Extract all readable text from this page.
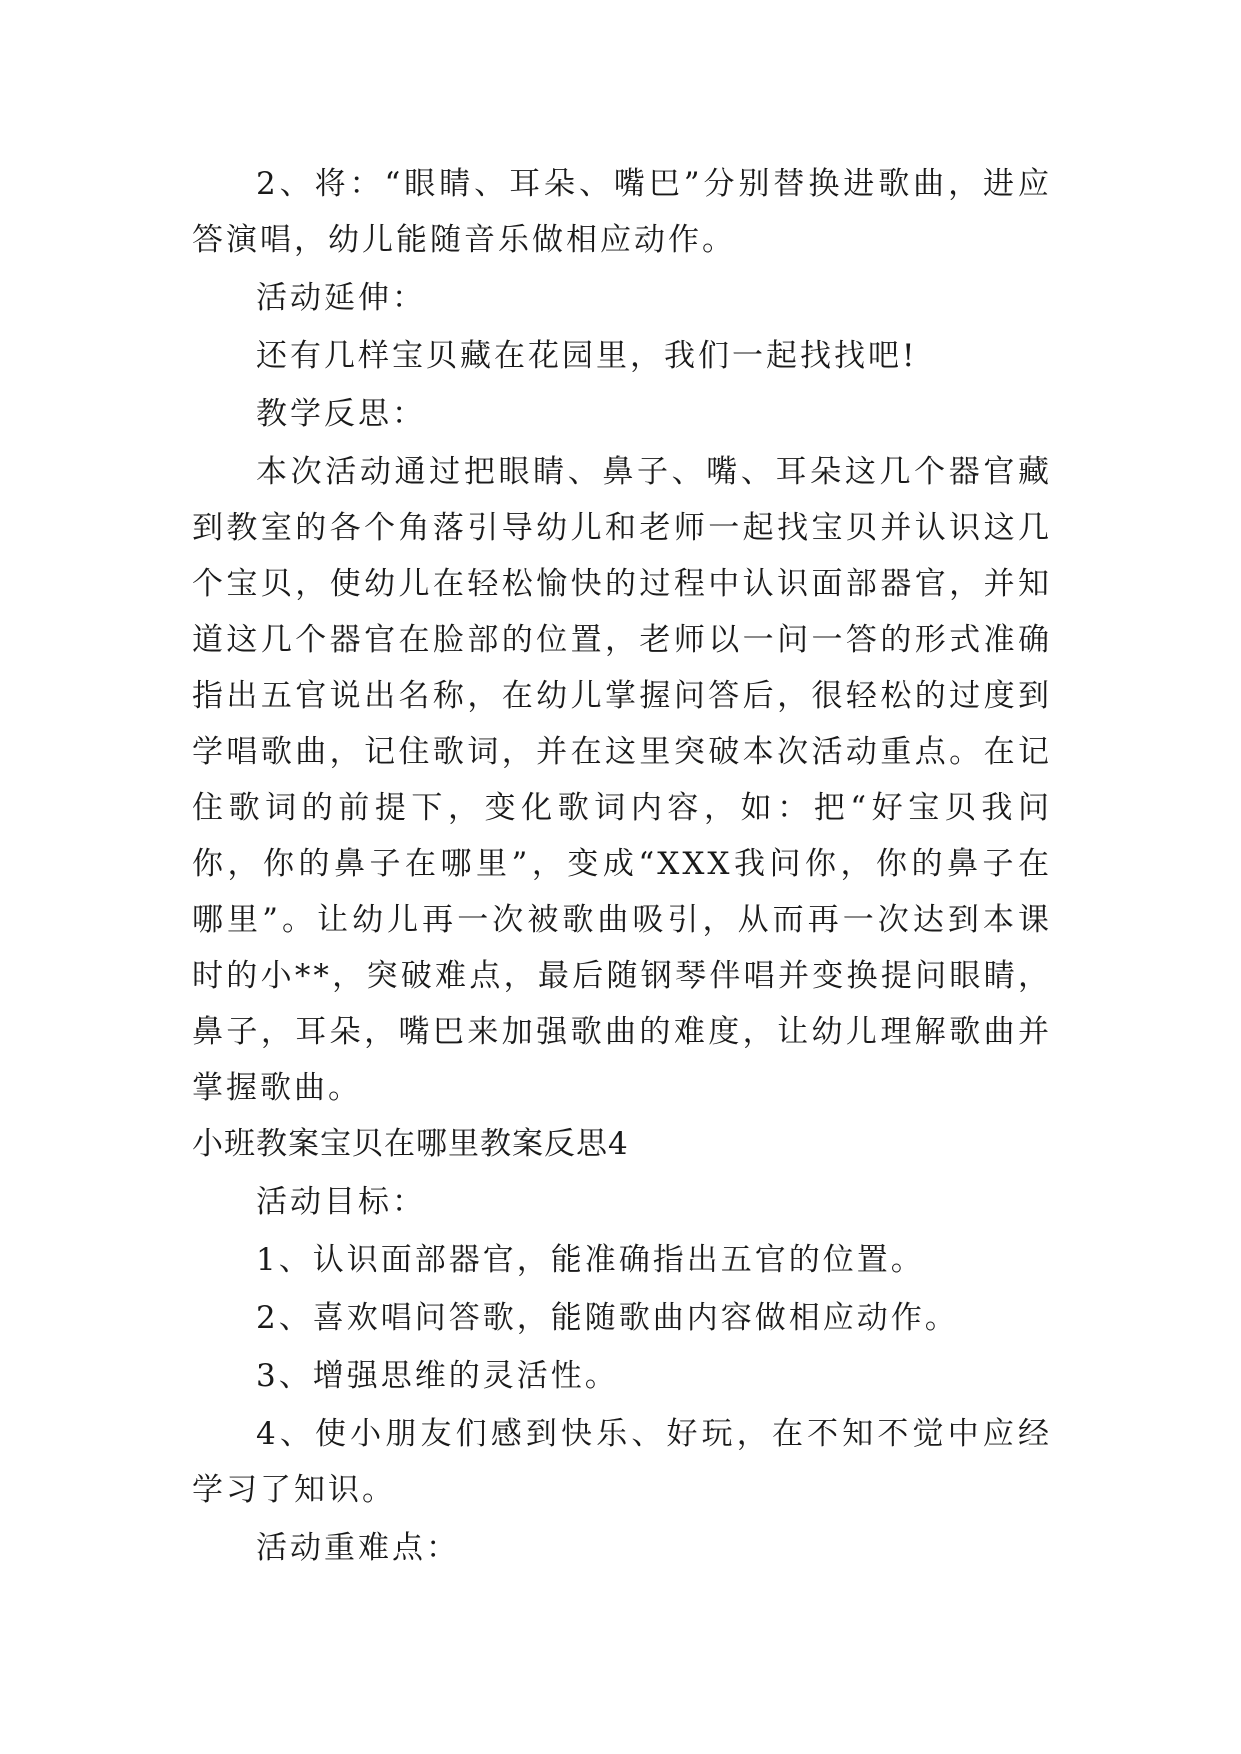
2、将：“眼睛、耳朵、嘴巴”分别替换进歌曲，进应答演唱，幼儿能随音乐做相应动作。

活动延伸：

还有几样宝贝藏在花园里，我们一起找找吧!

教学反思：

本次活动通过把眼睛、鼻子、嘴、耳朵这几个器官藏到教室的各个角落引导幼儿和老师一起找宝贝并认识这几个宝贝，使幼儿在轻松愉快的过程中认识面部器官，并知道这几个器官在脸部的位置，老师以一问一答的形式准确指出五官说出名称，在幼儿掌握问答后，很轻松的过度到学唱歌曲，记住歌词，并在这里突破本次活动重点。在记住歌词的前提下，变化歌词内容，如：把“好宝贝我问你，你的鼻子在哪里”，变成“XXX我问你，你的鼻子在哪里”。让幼儿再一次被歌曲吸引，从而再一次达到本课时的小**，突破难点，最后随钢琴伴唱并变换提问眼睛，鼻子，耳朵，嘴巴来加强歌曲的难度，让幼儿理解歌曲并掌握歌曲。

小班教案宝贝在哪里教案反思4

活动目标：

1、认识面部器官，能准确指出五官的位置。

2、喜欢唱问答歌，能随歌曲内容做相应动作。

3、增强思维的灵活性。

4、使小朋友们感到快乐、好玩，在不知不觉中应经学习了知识。

活动重难点：
